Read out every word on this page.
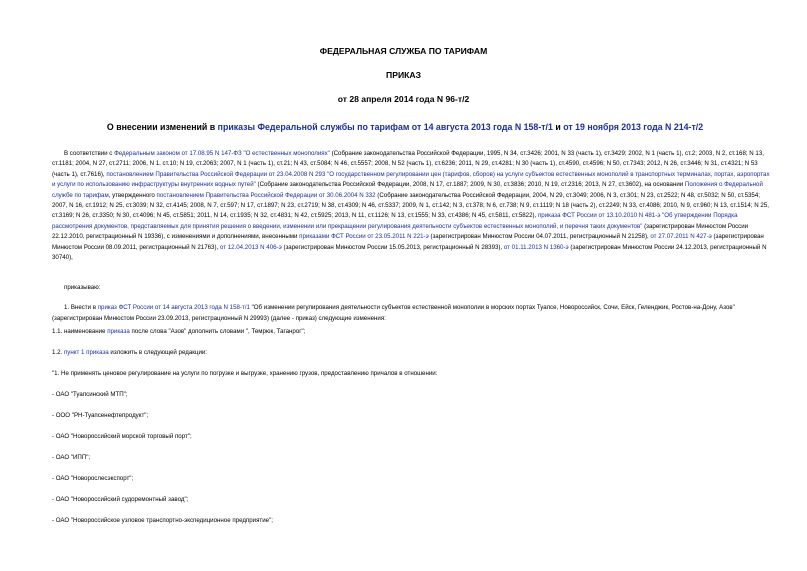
ФЕДЕРАЛЬНАЯ СЛУЖБА ПО ТАРИФАМ
ПРИКАЗ
от 28 апреля 2014 года N 96-т/2
О внесении изменений в приказы Федеральной службы по тарифам от 14 августа 2013 года N 158-т/1 и от 19 ноября 2013 года N 214-т/2

В соответствии с Федеральным законом от 17.08.95 N 147-ФЗ "О естественных монополиях" (Собрание законодательства Российской Федерации, 1995, N 34, ст.3426; 2001, N 33 (часть 1), ст.3429; 2002, N 1 (часть 1), ст.2; 2003, N 2, ст.168; N 13, ст.1181; 2004, N 27, ст.2711; 2006, N 1, ст.10; N 19, ст.2063; 2007, N 1 (часть 1), ст.21; N 43, ст.5084; N 46, ст.5557; 2008, N 52 (часть 1), ст.6236; 2011, N 29, ст.4281; N 30 (часть 1), ст.4590, ст.4596; N 50, ст.7343; 2012, N 26, ст.3446; N 31, ст.4321; N 53 (часть 1), ст.7616), постановлением Правительства Российской Федерации от 23.04.2008 N 293 "О государственном регулировании цен (тарифов, сборов) на услуги субъектов естественных монополий в транспортных терминалах, портах, аэропортах и услуги по использованию инфраструктуры внутренних водных путей" (Собрание законодательства Российской Федерации, 2008, N 17, ст.1887; 2009, N 30, ст.3836; 2010, N 19, ст.2316; 2013, N 27, ст.3602), на основании Положения о Федеральной службе по тарифам, утвержденного постановлением Правительства Российской Федерации от 30.06.2004 N 332 (Собрание законодательства Российской Федерации, 2004, N 29, ст.3049; 2006, N 3, ст.301; N 23, ст.2522; N 48, ст.5032; N 50, ст.5354; 2007, N 16, ст.1912; N 25, ст.3039; N 32, ст.4145; 2008, N 7, ст.597; N 17, ст.1897; N 23, ст.2719; N 38, ст.4309; N 46, ст.5337; 2009, N 1, ст.142; N 3, ст.378; N 6, ст.738; N 9, ст.1119; N 18 (часть 2), ст.2249; N 33, ст.4086; 2010, N 9, ст.960; N 13, ст.1514; N 25, ст.3169; N 26, ст.3350; N 30, ст.4096; N 45, ст.5851; 2011, N 14, ст.1935; N 32, ст.4831; N 42, ст.5925; 2013, N 11, ст.1126; N 13, ст.1555; N 33, ст.4386; N 45, ст.5811, ст.5822), приказа ФСТ России от 13.10.2010 N 481-э "Об утверждении Порядка рассмотрения документов, представляемых для принятия решения о введении, изменении или прекращении регулирования деятельности субъектов естественных монополий, и перечня таких документов" (зарегистрирован Минюстом России 22.12.2010, регистрационный N 19336), с изменениями и дополнениями, внесенными приказами ФСТ России от 23.05.2011 N 221-э (зарегистрирован Минюстом России 04.07.2011, регистрационный N 21258), от 27.07.2011 N 427-э (зарегистрирован Минюстом России 08.09.2011, регистрационный N 21763), от 12.04.2013 N 406-э (зарегистрирован Минюстом России 15.05.2013, регистрационный N 28393), от 01.11.2013 N 1360-э (зарегистрирован Минюстом России 24.12.2013, регистрационный N 30740),

приказываю:

1. Внести в приказ ФСТ России от 14 августа 2013 года N 158-т/1 "Об изменении регулирования деятельности субъектов естественной монополии в морских портах Туапсе, Новороссийск, Сочи, Ейск, Геленджик, Ростов-на-Дону, Азов" (зарегистрирован Минюстом России 23.09.2013, регистрационный N 29993) (далее - приказ) следующие изменения:

1.1. наименование приказа после слова "Азов" дополнить словами ", Темрюк, Таганрог";
1.2. пункт 1 приказа изложить в следующей редакции:
"1. Не применять ценовое регулирование на услуги по погрузке и выгрузке, хранению грузов, предоставлению причалов в отношении:
- ОАО "Туапсинский МТП";
- ООО "РН-Туапсенефтепродукт";
- ОАО "Новороссийский морской торговый порт";
- ОАО "ИПП";
- ОАО "Новорослесэкспорт";
- ОАО "Новороссийский судоремонтный завод";
- ОАО "Новороссийское узловое транспортно-экспедиционное предприятие";
